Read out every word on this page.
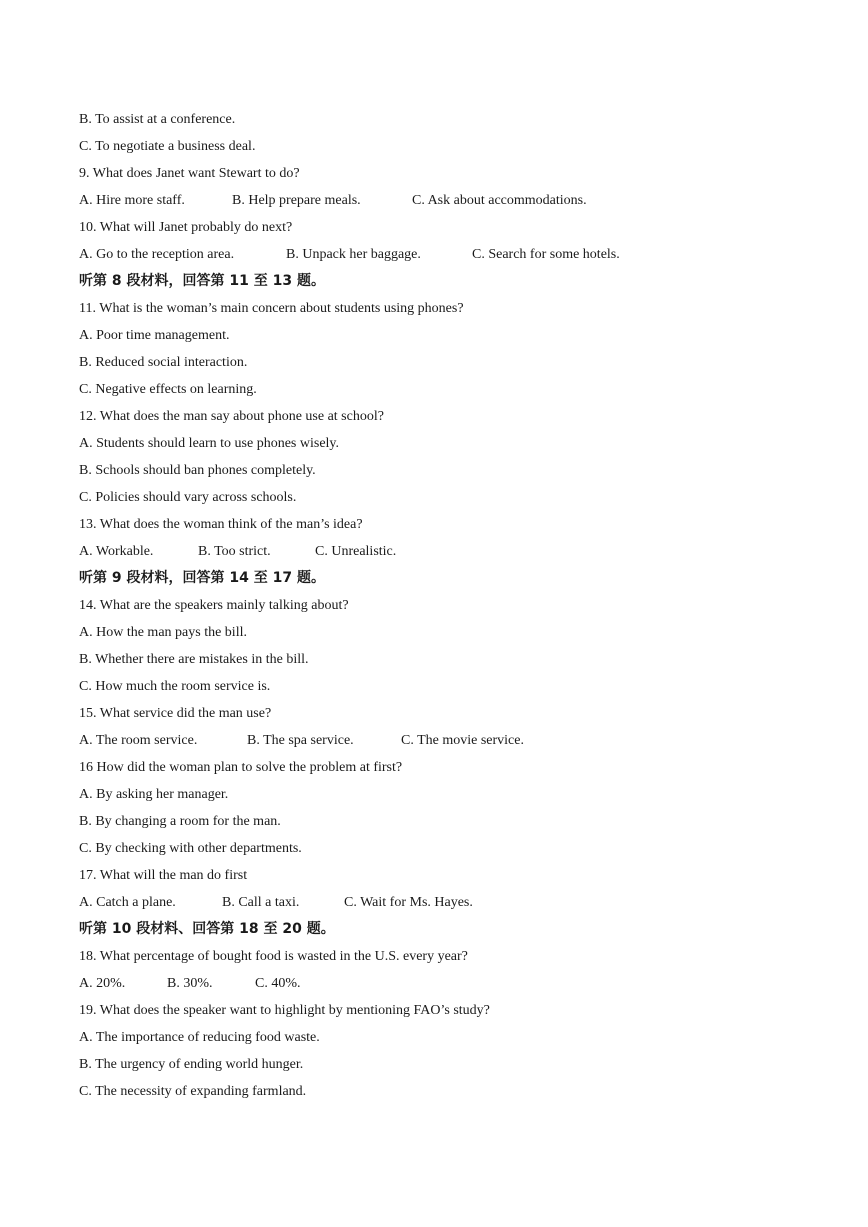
B. To assist at a conference.
C. To negotiate a business deal.
9. What does Janet want Stewart to do?
A. Hire more staff.	B. Help prepare meals.	C. Ask about accommodations.
10. What will Janet probably do next?
A. Go to the reception area.	B. Unpack her baggage.	C. Search for some hotels.
听第 8 段材料，回答第 11 至 13 题。
11. What is the woman’s main concern about students using phones?
A. Poor time management.
B. Reduced social interaction.
C. Negative effects on learning.
12. What does the man say about phone use at school?
A. Students should learn to use phones wisely.
B. Schools should ban phones completely.
C. Policies should vary across schools.
13. What does the woman think of the man’s idea?
A. Workable.	B. Too strict.	C. Unrealistic.
听第 9 段材料，回答第 14 至 17 题。
14. What are the speakers mainly talking about?
A. How the man pays the bill.
B. Whether there are mistakes in the bill.
C. How much the room service is.
15. What service did the man use?
A. The room service.	B. The spa service.	C. The movie service.
16 How did the woman plan to solve the problem at first?
A. By asking her manager.
B. By changing a room for the man.
C. By checking with other departments.
17. What will the man do first
A. Catch a plane.	B. Call a taxi.	C. Wait for Ms. Hayes.
听第 10 段材料、回答第 18 至 20 题。
18. What percentage of bought food is wasted in the U.S. every year?
A. 20%.	B. 30%.	C. 40%.
19. What does the speaker want to highlight by mentioning FAO’s study?
A. The importance of reducing food waste.
B. The urgency of ending world hunger.
C. The necessity of expanding farmland.
